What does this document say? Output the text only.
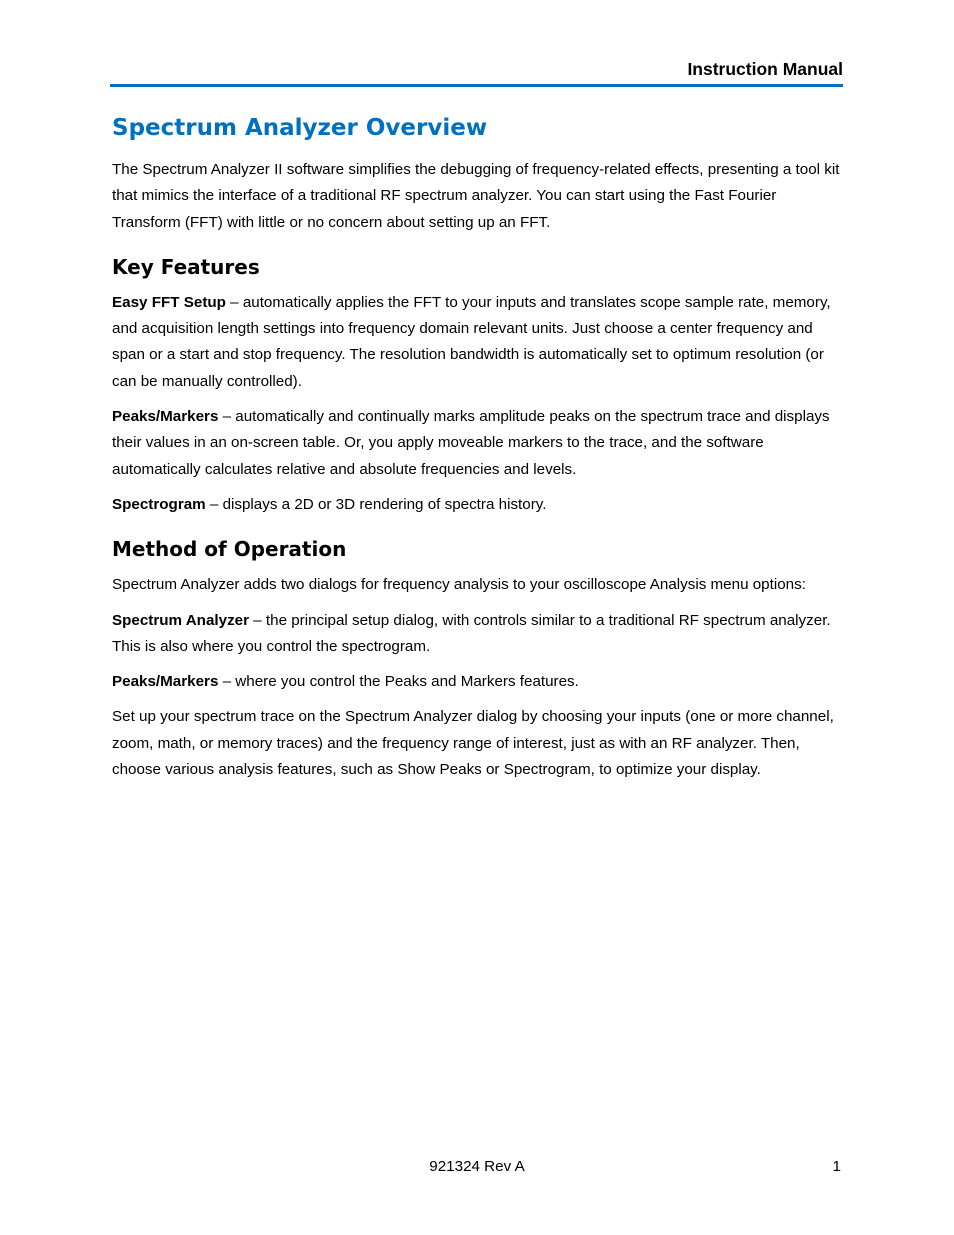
Instruction Manual
Spectrum Analyzer Overview

The Spectrum Analyzer II software simplifies the debugging of frequency-related effects, presenting a tool kit that mimics the interface of a traditional RF spectrum analyzer. You can start using the Fast Fourier Transform (FFT) with little or no concern about setting up an FFT.

Key Features

Easy FFT Setup – automatically applies the FFT to your inputs and translates scope sample rate, memory, and acquisition length settings into frequency domain relevant units. Just choose a center frequency and span or a start and stop frequency. The resolution bandwidth is automatically set to optimum resolution (or can be manually controlled).

Peaks/Markers – automatically and continually marks amplitude peaks on the spectrum trace and displays their values in an on-screen table. Or, you apply moveable markers to the trace, and the software automatically calculates relative and absolute frequencies and levels.

Spectrogram – displays a 2D or 3D rendering of spectra history.

Method of Operation

Spectrum Analyzer adds two dialogs for frequency analysis to your oscilloscope Analysis menu options:

Spectrum Analyzer – the principal setup dialog, with controls similar to a traditional RF spectrum analyzer. This is also where you control the spectrogram.

Peaks/Markers – where you control the Peaks and Markers features.

Set up your spectrum trace on the Spectrum Analyzer dialog by choosing your inputs (one or more channel, zoom, math, or memory traces) and the frequency range of interest, just as with an RF analyzer. Then, choose various analysis features, such as Show Peaks or Spectrogram, to optimize your display.

921324 Rev A	1
